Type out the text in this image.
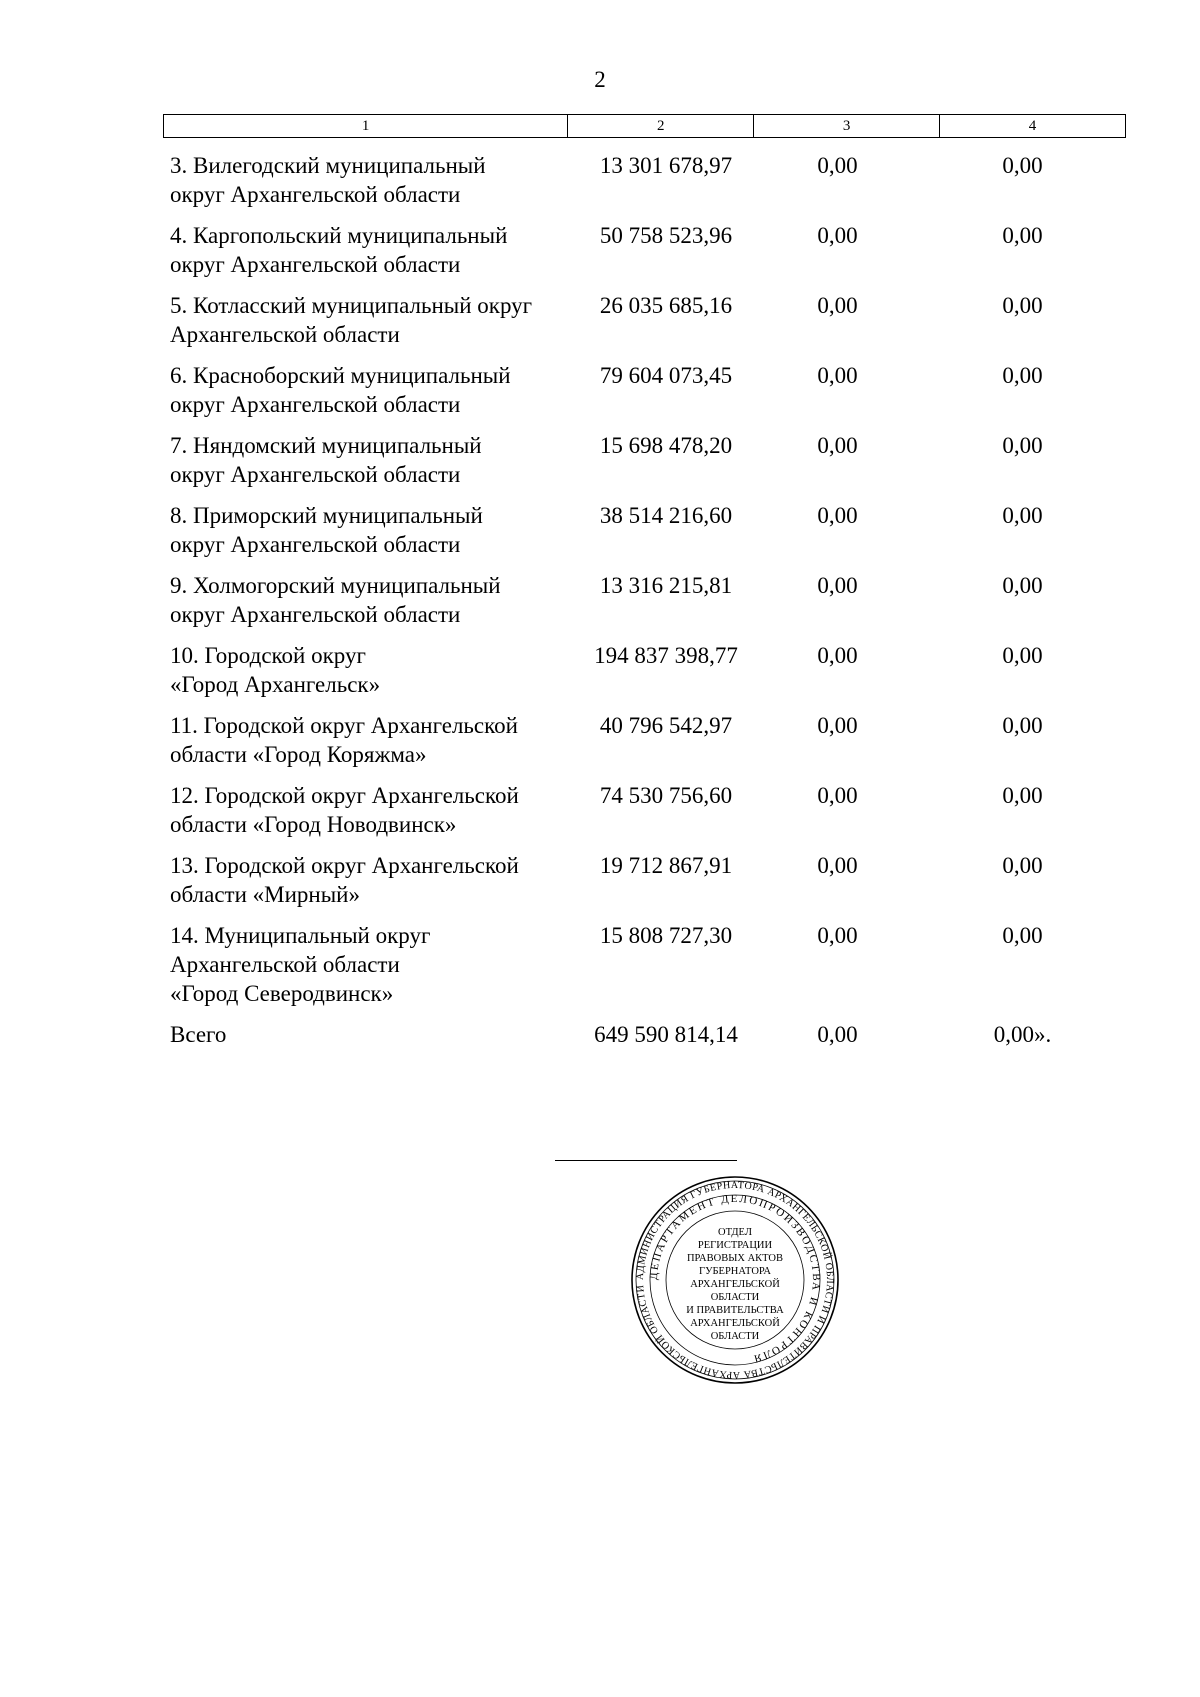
2
1	2	3	4
3. Вилегодский муниципальный
округ Архангельской области
13 301 678,97	0,00	0,00
4. Каргопольский муниципальный
округ Архангельской области
50 758 523,96	0,00	0,00
5. Котласский муниципальный округ
Архангельской области
26 035 685,16	0,00	0,00
6. Красноборский муниципальный
округ Архангельской области
79 604 073,45	0,00	0,00
7. Няндомский муниципальный
округ Архангельской области
15 698 478,20	0,00	0,00
8. Приморский муниципальный
округ Архангельской области
38 514 216,60	0,00	0,00
9. Холмогорский муниципальный
округ Архангельской области
13 316 215,81	0,00	0,00
10. Городской округ
«Город Архангельск»
194 837 398,77	0,00	0,00
11. Городской округ Архангельской
области «Город Коряжма»
40 796 542,97	0,00	0,00
12. Городской округ Архангельской
области «Город Новодвинск»
74 530 756,60	0,00	0,00
13. Городской округ Архангельской
области «Мирный»
19 712 867,91	0,00	0,00
14. Муниципальный округ
Архангельской области
«Город Северодвинск»
15 808 727,30	0,00	0,00
Всего	649 590 814,14	0,00	0,00».
АДМИНИСТРАЦИЯ ГУБЕРНАТОРА АРХАНГЕЛЬСКОЙ ОБЛАСТИ И ПРАВИТЕЛЬСТВА АРХАНГЕЛЬСКОЙ ОБЛАСТИ
ДЕПАРТАМЕНТ ДЕЛОПРОИЗВОДСТВА И КОНТРОЛЯ
ОТДЕЛ
РЕГИСТРАЦИИ
ПРАВОВЫХ АКТОВ
ГУБЕРНАТОРА
АРХАНГЕЛЬСКОЙ
ОБЛАСТИ
И ПРАВИТЕЛЬСТВА
АРХАНГЕЛЬСКОЙ
ОБЛАСТИ
